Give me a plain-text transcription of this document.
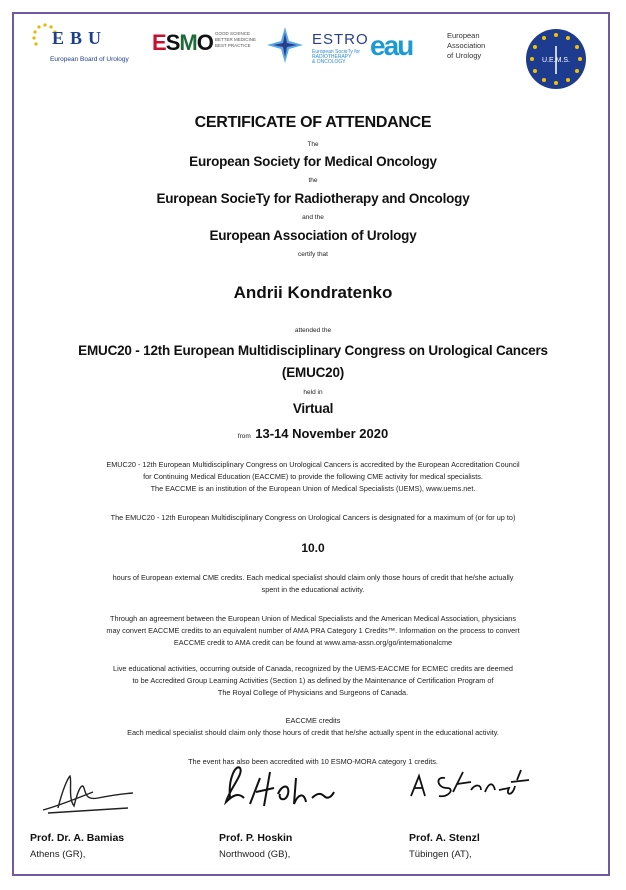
EBU
European Board of Urology
ESMO GOOD SCIENCE
BETTER MEDICINE
BEST PRACTICE	ESTRO
European SocieTy for
RADIOTHERAPY
& ONCOLOGY
eau	European
Association
of Urology
U.E.M.S.
CERTIFICATE OF ATTENDANCE
The
European Society for Medical Oncology
the
European SocieTy for Radiotherapy and Oncology
and the
European Association of Urology
certify that
Andrii Kondratenko
attended the
EMUC20 - 12th European Multidisciplinary Congress on Urological Cancers
(EMUC20)
held in
Virtual
from 13-14 November 2020
EMUC20 - 12th European Multidisciplinary Congress on Urological Cancers is accredited by the European Accreditation Council
for Continuing Medical Education (EACCME) to provide the following CME activity for medical specialists.
The EACCME is an institution of the European Union of Medical Specialists (UEMS), www.uems.net.
The EMUC20 - 12th European Multidisciplinary Congress on Urological Cancers is designated for a maximum of (or for up to)
10.0
hours of European external CME credits. Each medical specialist should claim only those hours of credit that he/she actually
spent in the educational activity.
Through an agreement between the European Union of Medical Specialists and the American Medical Association, physicians
may convert EACCME credits to an equivalent number of AMA PRA Category 1 Credits™. Information on the process to convert
EACCME credit to AMA credit can be found at www.ama-assn.org/go/internationalcme
Live educational activities, occurring outside of Canada, recognized by the UEMS-EACCME for ECMEC credits are deemed
to be Accredited Group Learning Activities (Section 1) as defined by the Maintenance of Certification Program of
The Royal College of Physicians and Surgeons of Canada.
EACCME credits
Each medical specialist should claim only those hours of credit that he/she actually spent in the educational activity.
The event has also been accredited with 10 ESMO-MORA category 1 credits.
Prof. Dr. A. Bamias
Athens (GR),
Prof. P. Hoskin
Northwood (GB),
Prof. A. Stenzl
Tübingen (AT),
